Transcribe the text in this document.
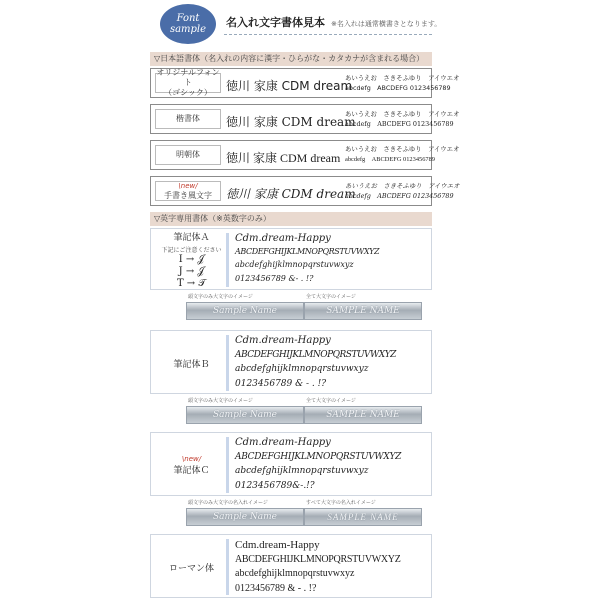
Font
sample
名入れ文字書体見本 ※名入れは通常横書きとなります。
▽日本語書体（名入れの内容に漢字・ひらがな・カタカナが含まれる場合）
オリジナルフォント
（ゴシック）	徳川 家康 CDM dream
あいうえお　さきそふゆり　アイウエオ
abcdefg　ABCDEFG 0123456789
楷書体	徳川 家康 CDM dream
あいうえお　さきそふゆり　アイウエオ
abcdefg　ABCDEFG 0123456789
明朝体	徳川 家康 CDM dream
あいうえお　さきそふゆり　アイウエオ
abcdefg　ABCDEFG 0123456789
\new/
手書き風文字 徳川 家康 CDM dream
あいうえお　さきそふゆり　アイウエオ
abcdefg　ABCDEFG 0123456789
▽英字専用書体（※英数字のみ）
筆記体Ａ
下記にご注意ください
I → 𝒥
J → 𝒥
T → 𝒯
Cdm.dream-Happy
ABCDEFGHIJKLMNOPQRSTUVWXYZ
abcdefghijklmnopqrstuvwxyz
0123456789 &- . !?
頭文字のみ大文字のイメージ	全て大文字のイメージ
Sample Name	SAMPLE NAME
筆記体Ｂ
Cdm.dream-Happy
ABCDEFGHIJKLMNOPQRSTUVWXYZ
abcdefghijklmnopqrstuvwxyz
0123456789 & - . !?
頭文字のみ大文字のイメージ	全て大文字のイメージ
Sample Name	SAMPLE NAME
\new/
筆記体Ｃ
Cdm.dream-Happy
ABCDEFGHIJKLMNOPQRSTUVWXYZ
abcdefghijklmnopqrstuvwxyz
0123456789&-.!?
頭文字のみ大文字の名入れイメージ	すべて大文字の名入れイメージ
Sample Name	SAMPLE NAME
ローマン体
Cdm.dream-Happy
ABCDEFGHIJKLMNOPQRSTUVWXYZ
abcdefghijklmnopqrstuvwxyz
0123456789 & - . !?
